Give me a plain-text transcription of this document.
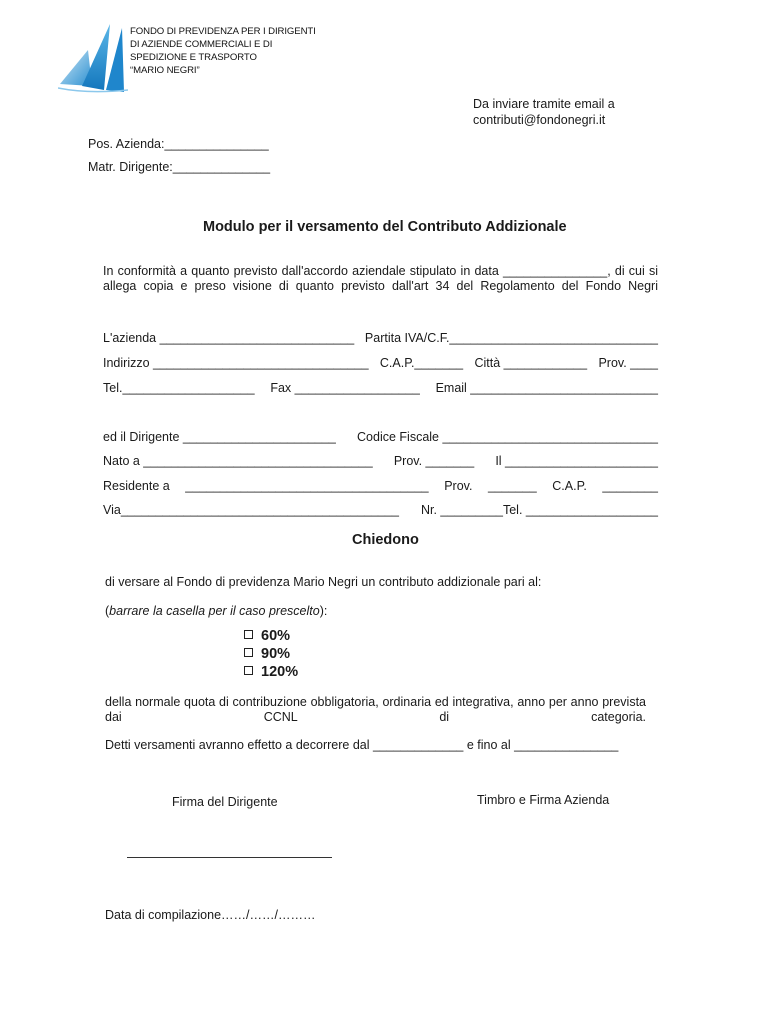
FONDO DI PREVIDENZA PER I DIRIGENTI
DI AZIENDE COMMERCIALI E DI
SPEDIZIONE E TRASPORTO
“MARIO NEGRI”
Da inviare tramite email a
contributi@fondonegri.it
Pos. Azienda:_______________
Matr. Dirigente:______________
Modulo per il versamento del Contributo Addizionale
In conformità a quanto previsto dall'accordo aziendale stipulato in data _______________, di cui si allega copia e preso visione di quanto previsto dall'art 34 del Regolamento del Fondo Negri
L'azienda ____________________________ Partita IVA/C.F.______________________________
Indirizzo _______________________________ C.A.P._______ Città ____________ Prov. ____
Tel.___________________ Fax __________________ Email ___________________________
ed il Dirigente ______________________ Codice Fiscale _______________________________
Nato a _________________________________ Prov. _______ Il ______________________
Residente a ___________________________________ Prov. _______ C.A.P. ________
Via________________________________________ Nr. _________Tel. ___________________
Chiedono
di versare al Fondo di previdenza Mario Negri un contributo addizionale pari al:
(barrare la casella per il caso prescelto):
60%
90%
120%
della normale quota di contribuzione obbligatoria, ordinaria ed integrativa, anno per anno prevista dai CCNL di categoria.
Detti versamenti avranno effetto a decorrere dal _____________ e fino al _______________
Firma del Dirigente	Timbro e Firma Azienda
Data di compilazione……/……/………
